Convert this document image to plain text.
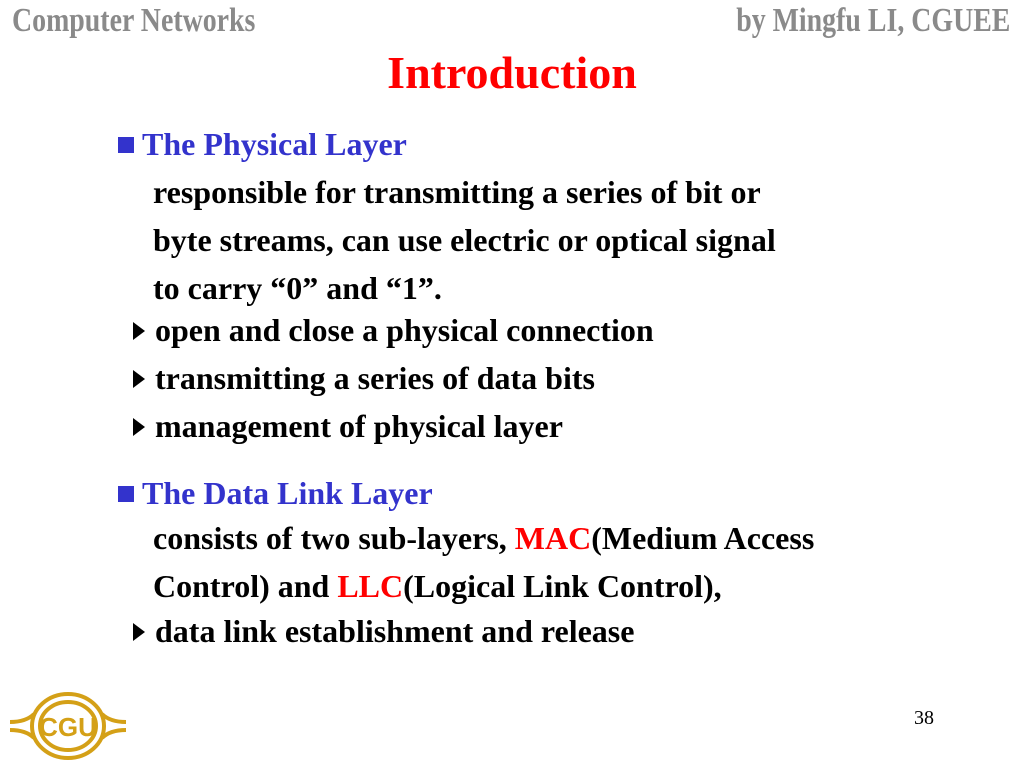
Computer Networks	by Mingfu LI, CGUEE
Introduction
The Physical Layer
responsible for transmitting a series of bit or
byte streams, can use electric or optical signal
to carry “0” and “1”.
open and close a physical connection
transmitting a series of data bits
management of physical layer
The Data Link Layer
consists of two sub-layers, MAC(Medium Access
Control) and LLC(Logical Link Control),
data link establishment and release
CGU	38
